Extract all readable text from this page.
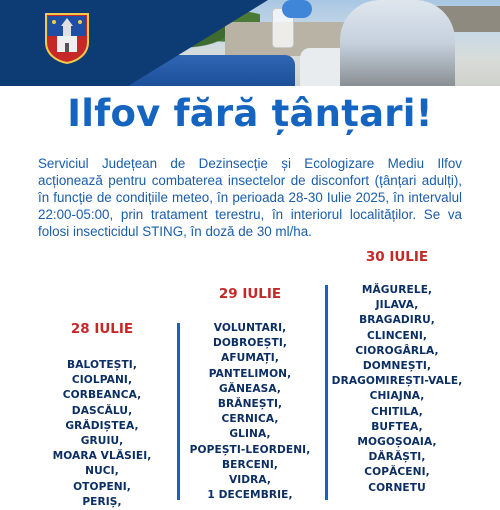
Ilfov fără țânțari!
Serviciul Județean de Dezinsecție și Ecologizare Mediu Ilfov acționează pentru combaterea insectelor de disconfort (țânțari adulți), în funcție de condițiile meteo, în perioada 28-30 Iulie 2025, în intervalul 22:00-05:00, prin tratament terestru, în interiorul localităților. Se va folosi insecticidul STING, în doză de 30 ml/ha.
28 IULIE
BALOTEȘTI,
CIOLPANI,
CORBEANCA,
DASCĂLU,
GRĂDIȘTEA,
GRUIU,
MOARA VLĂSIEI,
NUCI,
OTOPENI,
PERIȘ,
29 IULIE
VOLUNTARI,
DOBROEȘTI,
AFUMAȚI,
PANTELIMON,
GĂNEASA,
BRĂNEȘTI,
CERNICA,
GLINA,
POPEȘTI-LEORDENI,
BERCENI,
VIDRA,
1 DECEMBRIE,
30 IULIE
MĂGURELE,
JILAVA,
BRAGADIRU,
CLINCENI,
CIOROGÂRLA,
DOMNEȘTI,
DRAGOMIREȘTI-VALE,
CHIAJNA,
CHITILA,
BUFTEA,
MOGOȘOAIA,
DĂRĂȘTI,
COPĂCENI,
CORNETU
